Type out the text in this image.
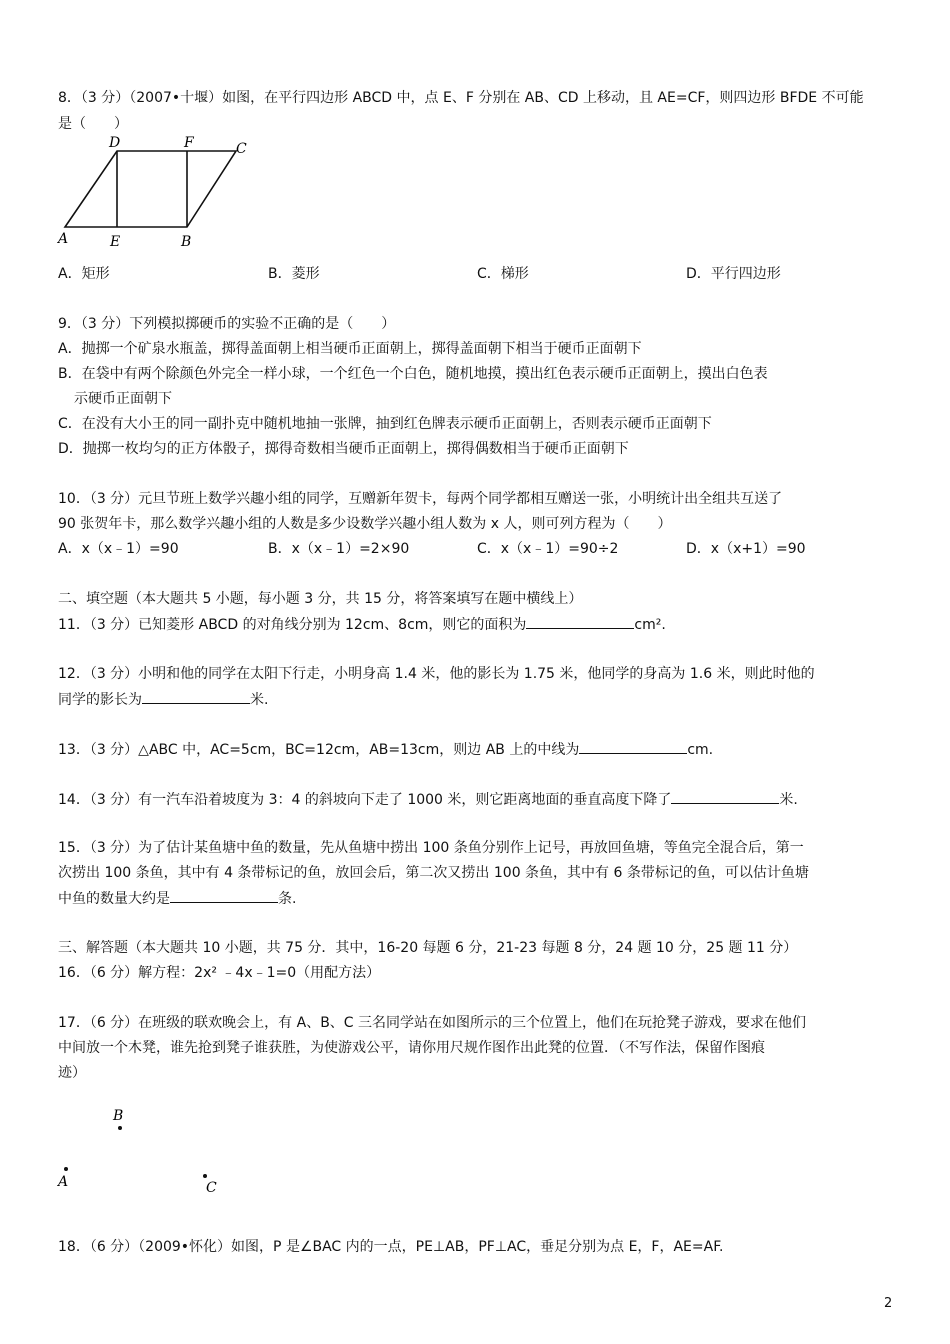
8．（3 分）（2007•十堰）如图，在平行四边形 ABCD 中，点 E、F 分别在 AB、CD 上移动，且 AE=CF，则四边形 BFDE 不可能
是（　　）
D	F	C
A	E	B
A．矩形	B．菱形	C．梯形	D．平行四边形
9．（3 分）下列模拟掷硬币的实验不正确的是（　　）
A．抛掷一个矿泉水瓶盖，掷得盖面朝上相当硬币正面朝上，掷得盖面朝下相当于硬币正面朝下
B．在袋中有两个除颜色外完全一样小球，一个红色一个白色，随机地摸，摸出红色表示硬币正面朝上，摸出白色表
示硬币正面朝下
C．在没有大小王的同一副扑克中随机地抽一张牌，抽到红色牌表示硬币正面朝上，否则表示硬币正面朝下
D．抛掷一枚均匀的正方体骰子，掷得奇数相当硬币正面朝上，掷得偶数相当于硬币正面朝下
10．（3 分）元旦节班上数学兴趣小组的同学，互赠新年贺卡，每两个同学都相互赠送一张，小明统计出全组共互送了
90 张贺年卡，那么数学兴趣小组的人数是多少设数学兴趣小组人数为 x 人，则可列方程为（　　）
A．x（x﹣1）=90	B．x（x﹣1）=2×90	C．x（x﹣1）=90÷2	D．x（x+1）=90
二、填空题（本大题共 5 小题，每小题 3 分，共 15 分，将答案填写在题中横线上）
11．（3 分）已知菱形 ABCD 的对角线分别为 12cm、8cm，则它的面积为	cm².
12．（3 分）小明和他的同学在太阳下行走，小明身高 1.4 米，他的影长为 1.75 米，他同学的身高为 1.6 米，则此时他的
同学的影长为	米.
13．（3 分）△ABC 中，AC=5cm，BC=12cm，AB=13cm，则边 AB 上的中线为	cm.
14．（3 分）有一汽车沿着坡度为 3：4 的斜坡向下走了 1000 米，则它距离地面的垂直高度下降了	米.
15．（3 分）为了估计某鱼塘中鱼的数量，先从鱼塘中捞出 100 条鱼分别作上记号，再放回鱼塘，等鱼完全混合后，第一
次捞出 100 条鱼，其中有 4 条带标记的鱼，放回会后，第二次又捞出 100 条鱼，其中有 6 条带标记的鱼，可以估计鱼塘
中鱼的数量大约是	条.
三、解答题（本大题共 10 小题，共 75 分．其中，16-20 每题 6 分，21-23 每题 8 分，24 题 10 分，25 题 11 分）
16．（6 分）解方程：2x² ﹣4x﹣1=0（用配方法）
17．（6 分）在班级的联欢晚会上，有 A、B、C 三名同学站在如图所示的三个位置上，他们在玩抢凳子游戏，要求在他们
中间放一个木凳，谁先抢到凳子谁获胜，为使游戏公平，请你用尺规作图作出此凳的位置．（不写作法，保留作图痕
迹）
B
A	C
18．（6 分）（2009•怀化）如图，P 是∠BAC 内的一点，PE⊥AB，PF⊥AC，垂足分别为点 E，F，AE=AF.
2
